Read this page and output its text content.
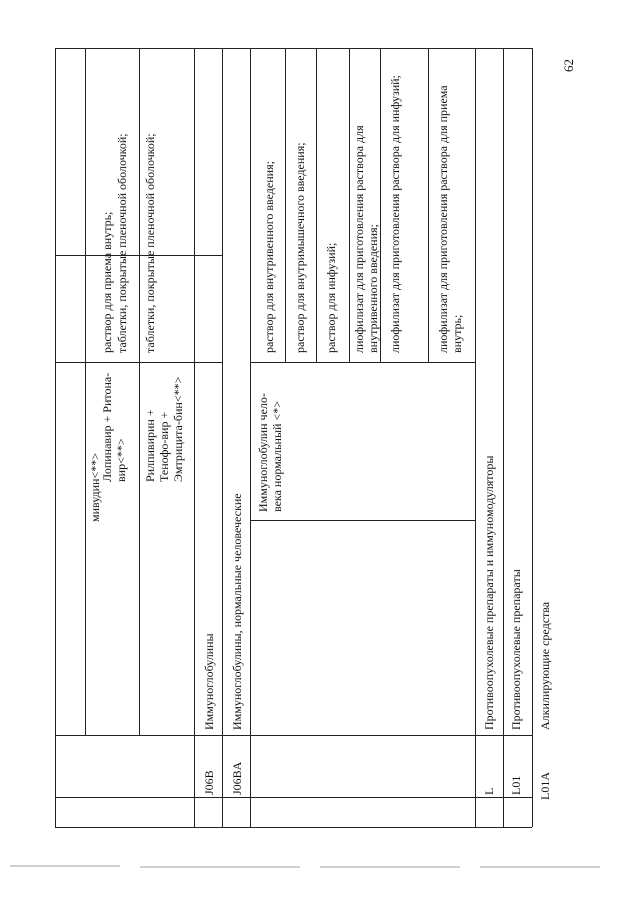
мивудин<**>
Лопинавир + Ритона-вир<**>
раствор для приема внутрь; таблетки, покрытые пленочной оболочкой;
Рилпивирин + Тенофо-вир + Эмтрицита-бин<**>
таблетки, покрытые пленочной оболочкой;
J06B
Иммуноглобулины
J06BA
Иммуноглобулины, нормальные человеческие
Иммуноглобулин чело-века нормальный <*>
раствор для внутривенного введения; раствор для внутримышечного введения; раствор для инфузий; лиофилизат для приготовления раствора для внутривенного введения; лиофилизат для приготовления раствора для инфузий;	лиофилизат для приготовления раствора для приема внутрь;
L
Противоопухолевые препараты и иммуномодуляторы
L01
Противоопухолевые препараты
L01A
Алкилирующие средства
62
